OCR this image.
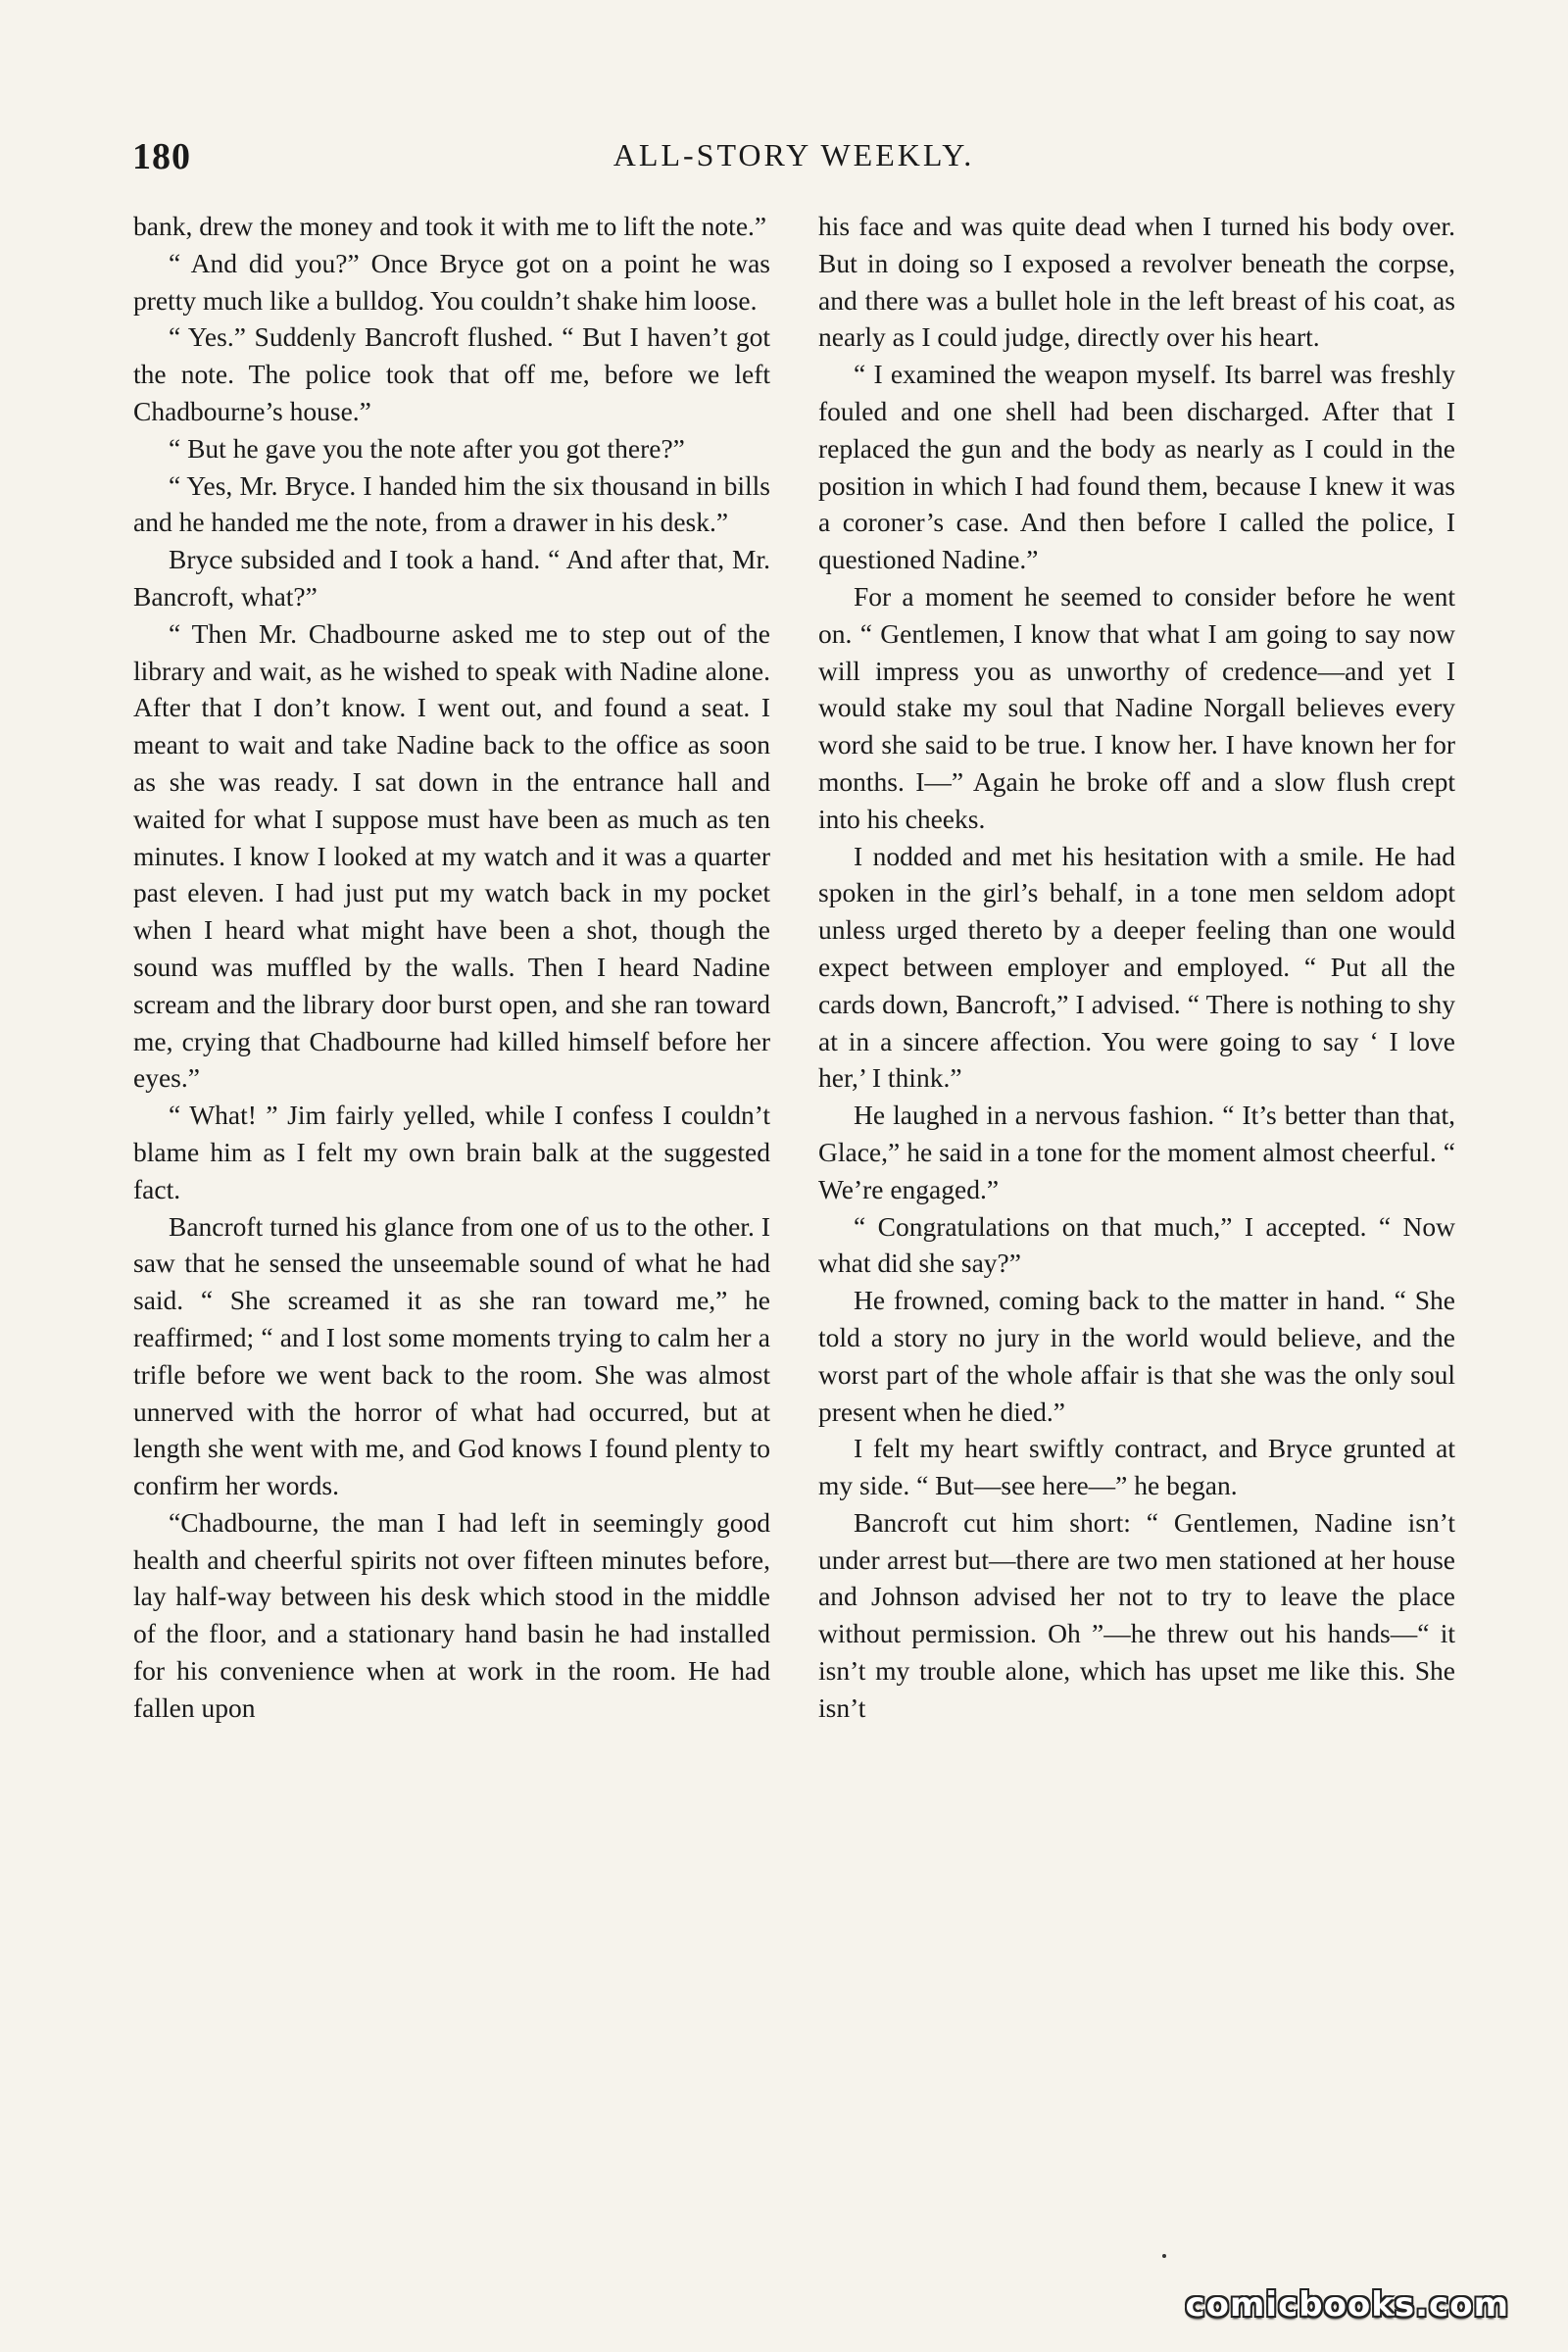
180	ALL-STORY WEEKLY.

bank, drew the money and took it with me to lift the note.”

“ And did you?” Once Bryce got on a point he was pretty much like a bulldog. You couldn’t shake him loose.

“ Yes.” Suddenly Bancroft flushed. “ But I haven’t got the note. The police took that off me, before we left Chadbourne’s house.”

“ But he gave you the note after you got there?”

“ Yes, Mr. Bryce. I handed him the six thousand in bills and he handed me the note, from a drawer in his desk.”

Bryce subsided and I took a hand. “ And after that, Mr. Bancroft, what?”

“ Then Mr. Chadbourne asked me to step out of the library and wait, as he wished to speak with Nadine alone. After that I don’t know. I went out, and found a seat. I meant to wait and take Nadine back to the office as soon as she was ready. I sat down in the entrance hall and waited for what I suppose must have been as much as ten minutes. I know I looked at my watch and it was a quarter past eleven. I had just put my watch back in my pocket when I heard what might have been a shot, though the sound was muffled by the walls. Then I heard Nadine scream and the library door burst open, and she ran toward me, crying that Chadbourne had killed himself before her eyes.”

“ What! ” Jim fairly yelled, while I confess I couldn’t blame him as I felt my own brain balk at the suggested fact.

Bancroft turned his glance from one of us to the other. I saw that he sensed the unseemable sound of what he had said. “ She screamed it as she ran toward me,” he reaffirmed; “ and I lost some moments trying to calm her a trifle before we went back to the room. She was almost unnerved with the horror of what had occurred, but at length she went with me, and God knows I found plenty to confirm her words.

“Chadbourne, the man I had left in seemingly good health and cheerful spirits not over fifteen minutes before, lay half-way between his desk which stood in the middle of the floor, and a stationary hand basin he had installed for his convenience when at work in the room. He had fallen upon

his face and was quite dead when I turned his body over. But in doing so I exposed a revolver beneath the corpse, and there was a bullet hole in the left breast of his coat, as nearly as I could judge, directly over his heart.

“ I examined the weapon myself. Its barrel was freshly fouled and one shell had been discharged. After that I replaced the gun and the body as nearly as I could in the position in which I had found them, because I knew it was a coroner’s case. And then before I called the police, I questioned Nadine.”

For a moment he seemed to consider before he went on. “ Gentlemen, I know that what I am going to say now will impress you as unworthy of credence—and yet I would stake my soul that Nadine Norgall believes every word she said to be true. I know her. I have known her for months. I—” Again he broke off and a slow flush crept into his cheeks.

I nodded and met his hesitation with a smile. He had spoken in the girl’s behalf, in a tone men seldom adopt unless urged thereto by a deeper feeling than one would expect between employer and employed. “ Put all the cards down, Bancroft,” I advised. “ There is nothing to shy at in a sincere affection. You were going to say ‘ I love her,’ I think.”

He laughed in a nervous fashion. “ It’s better than that, Glace,” he said in a tone for the moment almost cheerful. “ We’re engaged.”

“ Congratulations on that much,” I accepted. “ Now what did she say?”

He frowned, coming back to the matter in hand. “ She told a story no jury in the world would believe, and the worst part of the whole affair is that she was the only soul present when he died.”

I felt my heart swiftly contract, and Bryce grunted at my side. “ But—see here—” he began.

Bancroft cut him short: “ Gentlemen, Nadine isn’t under arrest but—there are two men stationed at her house and Johnson advised her not to try to leave the place without permission. Oh ”—he threw out his hands—“ it isn’t my trouble alone, which has upset me like this. She isn’t

comicbooks.com
